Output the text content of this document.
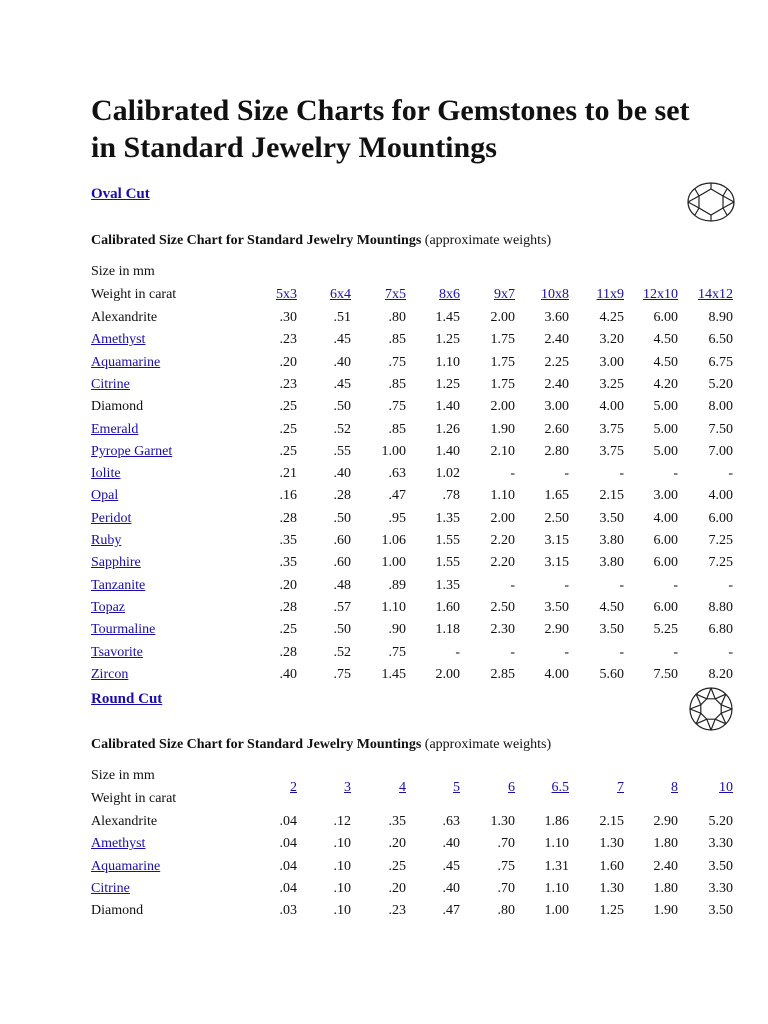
Calibrated Size Charts for Gemstones to be set in Standard Jewelry Mountings
Oval Cut
Calibrated Size Chart for Standard Jewelry Mountings (approximate weights)
Size in mm
Weight in carat	5x3 6x4 7x5 8x6 9x7 10x8 11x9 12x10 14x12
Alexandrite	.30	.51	.80 1.45 2.00 3.60 4.25 6.00 8.90
Amethyst	.23	.45	.85 1.25 1.75 2.40 3.20 4.50 6.50
Aquamarine	.20	.40	.75 1.10 1.75 2.25 3.00 4.50 6.75
Citrine	.23	.45	.85 1.25 1.75 2.40 3.25 4.20 5.20
Diamond	.25	.50	.75 1.40 2.00 3.00 4.00 5.00 8.00
Emerald	.25	.52	.85 1.26 1.90 2.60 3.75 5.00 7.50
Pyrope Garnet	.25	.55 1.00 1.40 2.10 2.80 3.75 5.00 7.00
Iolite	.21	.40	.63 1.02	-	-	-	-	-
Opal	.16	.28	.47	.78 1.10 1.65 2.15 3.00 4.00
Peridot	.28	.50	.95 1.35 2.00 2.50 3.50 4.00 6.00
Ruby	.35	.60 1.06 1.55 2.20 3.15 3.80 6.00 7.25
Sapphire	.35	.60 1.00 1.55 2.20 3.15 3.80 6.00 7.25
Tanzanite	.20	.48	.89 1.35	-	-	-	-	-
Topaz	.28	.57 1.10 1.60 2.50 3.50 4.50 6.00 8.80
Tourmaline	.25	.50	.90 1.18 2.30 2.90 3.50 5.25 6.80
Tsavorite	.28	.52	.75	-	-	-	-	-	-
Zircon	.40	.75 1.45 2.00 2.85 4.00 5.60 7.50 8.20
Round Cut
Calibrated Size Chart for Standard Jewelry Mountings (approximate weights)
Size in mm
Weight in carat
2	3	4	5	6	6.5	7	8	10
Alexandrite	.04	.12	.35	.63 1.30 1.86 2.15 2.90 5.20
Amethyst	.04	.10	.20	.40	.70 1.10 1.30 1.80 3.30
Aquamarine	.04	.10	.25	.45	.75 1.31 1.60 2.40 3.50
Citrine	.04	.10	.20	.40	.70 1.10 1.30 1.80 3.30
Diamond	.03	.10	.23	.47	.80 1.00 1.25 1.90 3.50
